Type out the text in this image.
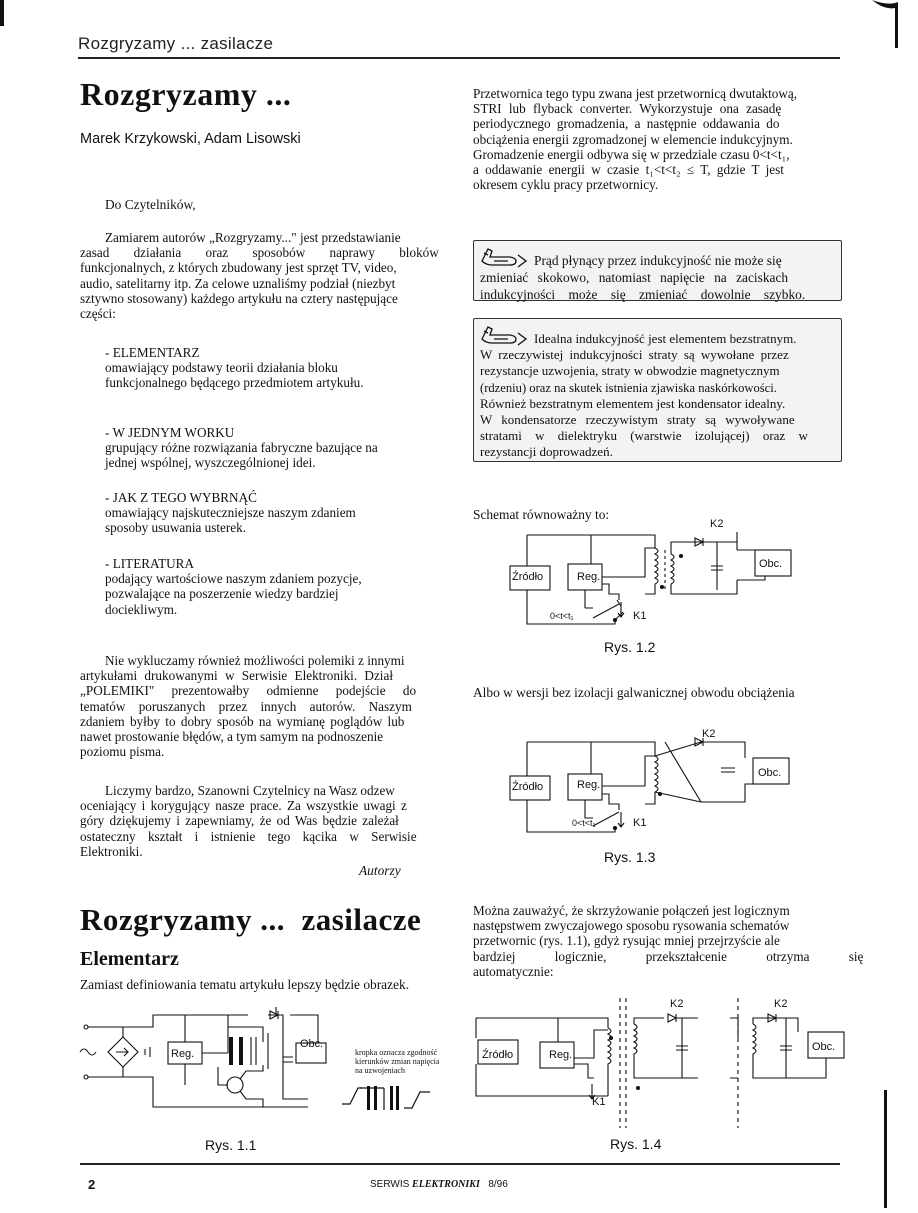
Rozgryzamy ... zasilacze
Rozgryzamy ...
Marek Krzykowski, Adam Lisowski
Do Czytelników,
Zamiarem autorów „Rozgryzamy..." jest przedstawianie
zasad działania oraz sposobów naprawy bloków
funkcjonalnych, z których zbudowany jest sprzęt TV, video,
audio, satelitarny itp. Za celowe uznaliśmy podział (niezbyt
sztywno stosowany) każdego artykułu na cztery następujące
części:
- ELEMENTARZ
omawiający podstawy teorii działania bloku
funkcjonalnego będącego przedmiotem artykułu.
- W JEDNYM WORKU
grupujący różne rozwiązania fabryczne bazujące na
jednej wspólnej, wyszczególnionej idei.
- JAK Z TEGO WYBRNĄĆ
omawiający najskuteczniejsze naszym zdaniem
sposoby usuwania usterek.
- LITERATURA
podający wartościowe naszym zdaniem pozycje,
pozwalające na poszerzenie wiedzy bardziej
dociekliwym.
Nie wykluczamy również możliwości polemiki z innymi
artykułami drukowanymi w Serwisie Elektroniki. Dział
„POLEMIKI" prezentowałby odmienne podejście do
tematów poruszanych przez innych autorów. Naszym
zdaniem byłby to dobry sposób na wymianę poglądów lub
nawet prostowanie błędów, a tym samym na podnoszenie
poziomu pisma.
Liczymy bardzo, Szanowni Czytelnicy na Wasz odzew
oceniający i korygujący nasze prace. Za wszystkie uwagi z
góry dziękujemy i zapewniamy, że od Was będzie zależał
ostateczny kształt i istnienie tego kącika w Serwisie
Elektroniki.
Autorzy
Rozgryzamy ...  zasilacze
Elementarz
Zamiast definiowania tematu artykułu lepszy będzie obrazek.
Reg.
Obc.
kropka oznacza zgodność
kierunków zmian napięcia
na uzwojeniach
Rys. 1.1
Przetwornica tego typu zwana jest przetwornicą dwutaktową,
STRI lub flyback converter. Wykorzystuje ona zasadę
periodycznego gromadzenia, a następnie oddawania do
obciążenia energii zgromadzonej w elemencie indukcyjnym.
Gromadzenie energii odbywa się w przedziale czasu 0<t<t₁,
a oddawanie energii w czasie t₁<t<t₂ ≤ T, gdzie T jest
okresem cyklu pracy przetwornicy.
Prąd płynący przez indukcyjność nie może się
zmieniać skokowo, natomiast napięcie na zaciskach
indukcyjności może się zmieniać dowolnie szybko.
Idealna indukcyjność jest elementem bezstratnym.
W rzeczywistej indukcyjności straty są wywołane przez
rezystancje uzwojenia, straty w obwodzie magnetycznym
(rdzeniu) oraz na skutek istnienia zjawiska naskórkowości.
Również bezstratnym elementem jest kondensator idealny.
W kondensatorze rzeczywistym straty są wywoływane
stratami w dielektryku (warstwie izolującej) oraz w
rezystancji doprowadzeń.
Schemat równoważny to:
Źródło	Reg.
Obc.
K2
K1
0<t<t₁
Rys. 1.2
Albo w wersji bez izolacji galwanicznej obwodu obciążenia
Źródło	Reg.
Obc.
K2
K1
0<t<t₁
Rys. 1.3
Można zauważyć, że skrzyżowanie połączeń jest logicznym
następstwem zwyczajowego sposobu rysowania schematów
przetwornic (rys. 1.1), gdyż rysując mniej przejrzyście ale
bardziej logicznie, przekształcenie otrzyma się
automatycznie:
Źródło	Reg.
Obc.
K2	K2
K1
Rys. 1.4
2	SERWIS ELEKTRONIKI 8/96
